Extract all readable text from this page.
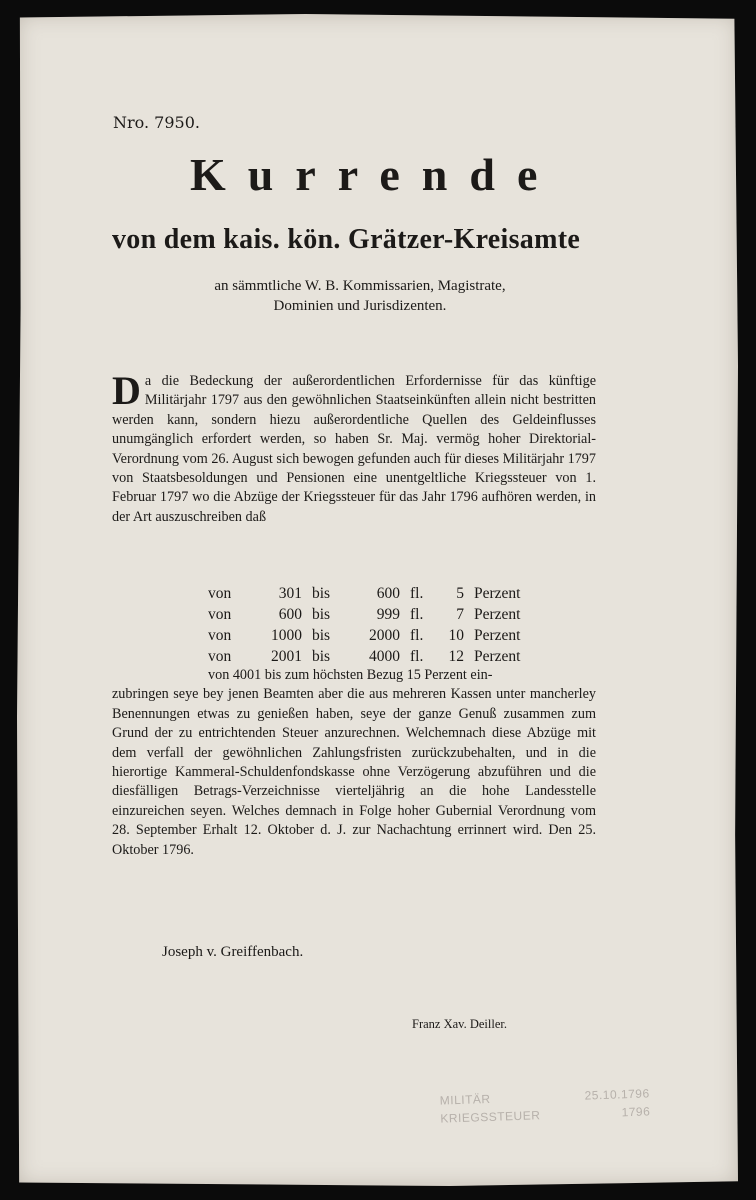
Nro. 7950.
Kurrende
von dem kais. kön. Grätzer-Kreisamte
an sämmtliche W. B. Kommissarien, Magistrate,
Dominien und Jurisdizenten.
Da die Bedeckung der außerordentlichen Erfordernisse für das künftige Militärjahr 1797 aus den gewöhnlichen Staatseinkünften allein nicht bestritten werden kann, sondern hiezu außerordentliche Quellen des Geldeinflusses unumgänglich erfordert werden, so haben Sr. Maj. vermög hoher Direktorial-Verordnung vom 26. August sich bewogen gefunden auch für dieses Militärjahr 1797 von Staatsbesoldungen und Pensionen eine unentgeltliche Kriegssteuer von 1. Februar 1797 wo die Abzüge der Kriegssteuer für das Jahr 1796 aufhören werden, in der Art auszuschreiben daß
von	301 bis	600 fl.	5 Perzent
von	600 bis	999 fl.	7 Perzent
von	1000 bis	2000 fl.	10 Perzent
von	2001 bis	4000 fl.	12 Perzent
von 4001 bis zum höchsten Bezug 15 Perzent ein-
zubringen seye bey jenen Beamten aber die aus mehreren Kassen unter mancherley Benennungen etwas zu genießen haben, seye der ganze Genuß zusammen zum Grund der zu entrichtenden Steuer anzurechnen. Welchemnach diese Abzüge mit dem verfall der gewöhnlichen Zahlungsfristen zurückzubehalten, und in die hierortige Kammeral-Schuldenfondskasse ohne Verzögerung abzuführen und die diesfälligen Betrags-Verzeichnisse vierteljährig an die hohe Landesstelle einzureichen seyen. Welches demnach in Folge hoher Gubernial Verordnung vom 28. September Erhalt 12. Oktober d. J. zur Nachachtung errinnert wird. Den 25. Oktober 1796.
Joseph v. Greiffenbach.
Franz Xav. Deiller.
MILITÄR	25.10.1796
KRIEGSSTEUER	1796
